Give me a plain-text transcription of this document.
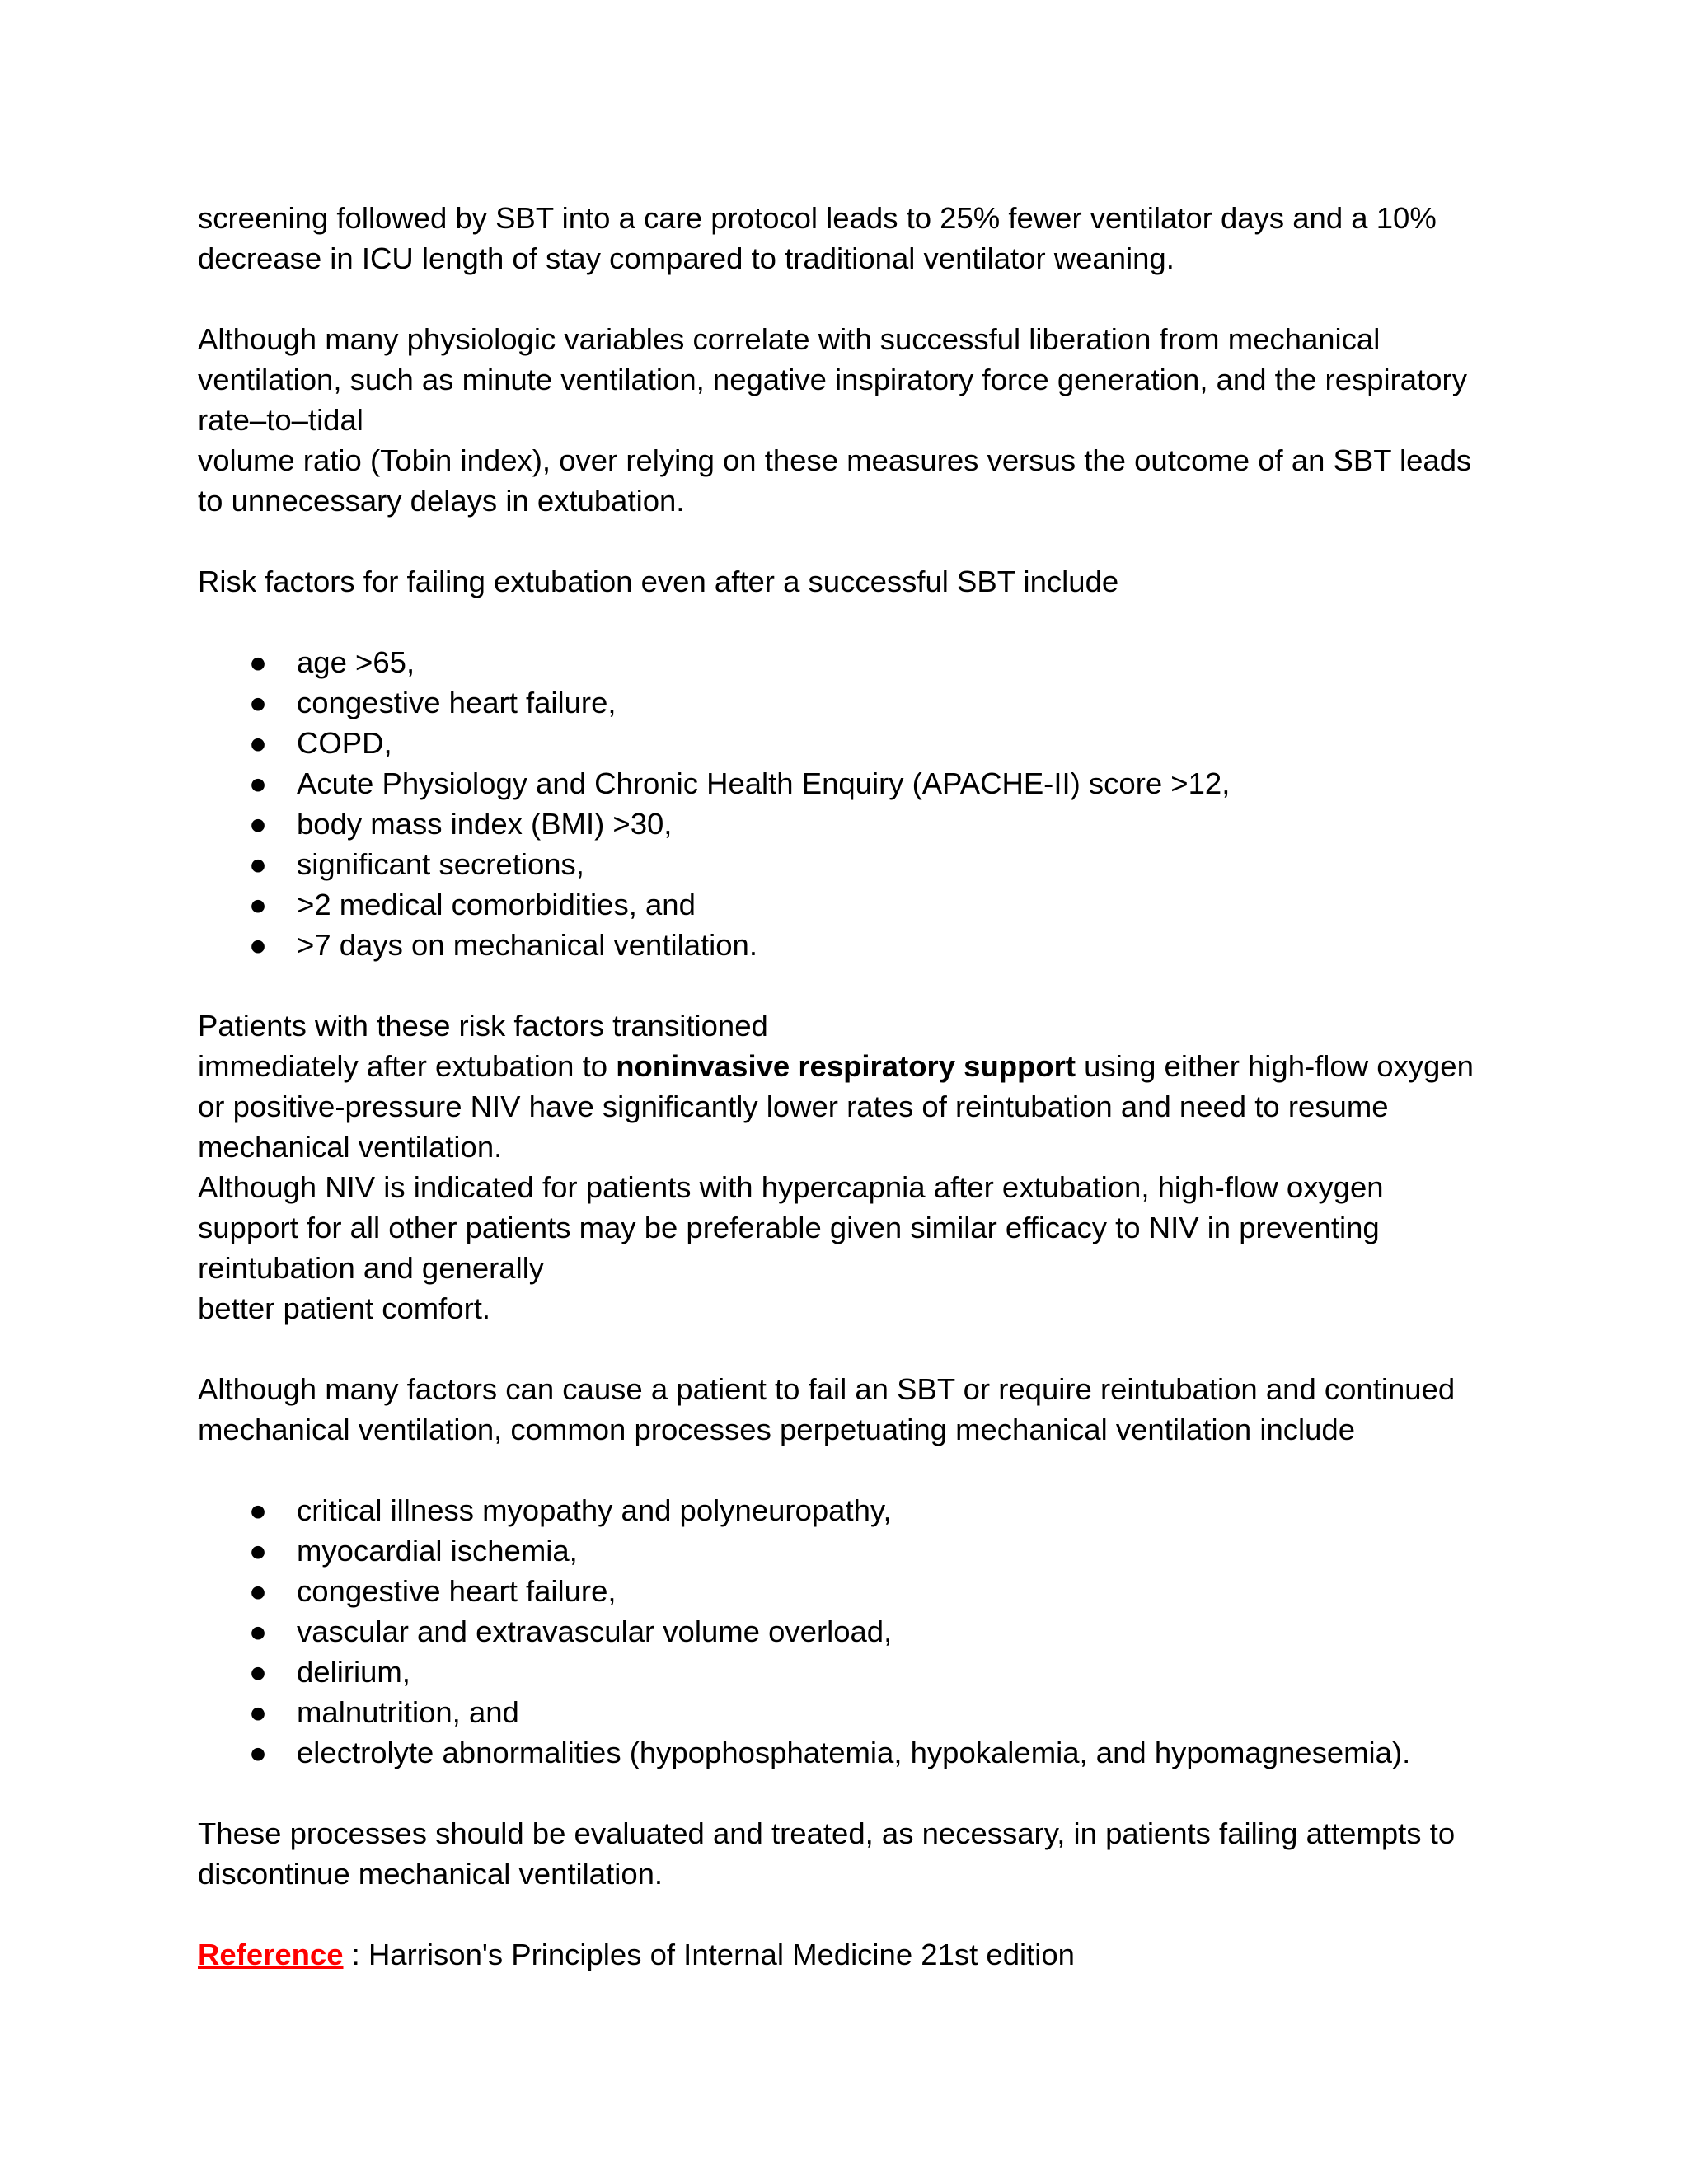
screening followed by SBT into a care protocol leads to 25% fewer ventilator days and a 10%
decrease in ICU length of stay compared to traditional ventilator weaning.

Although many physiologic variables correlate with successful liberation from mechanical
ventilation, such as minute ventilation, negative inspiratory force generation, and the respiratory
rate–to–tidal
volume ratio (Tobin index), over relying on these measures versus the outcome of an SBT leads
to unnecessary delays in extubation.

Risk factors for failing extubation even after a successful SBT include

● age >65,
● congestive heart failure,
● COPD,
● Acute Physiology and Chronic Health Enquiry (APACHE-II) score >12,
● body mass index (BMI) >30,
● significant secretions,
● >2 medical comorbidities, and
● >7 days on mechanical ventilation.

Patients with these risk factors transitioned
immediately after extubation to noninvasive respiratory support using either high-flow oxygen
or positive-pressure NIV have significantly lower rates of reintubation and need to resume
mechanical ventilation.

Although NIV is indicated for patients with hypercapnia after extubation, high-flow oxygen
support for all other patients may be preferable given similar efficacy to NIV in preventing
reintubation and generally
better patient comfort.

Although many factors can cause a patient to fail an SBT or require reintubation and continued
mechanical ventilation, common processes perpetuating mechanical ventilation include

● critical illness myopathy and polyneuropathy,
● myocardial ischemia,
● congestive heart failure,
● vascular and extravascular volume overload,
● delirium,
● malnutrition, and
● electrolyte abnormalities (hypophosphatemia, hypokalemia, and hypomagnesemia).

These processes should be evaluated and treated, as necessary, in patients failing attempts to
discontinue mechanical ventilation.

Reference : Harrison's Principles of Internal Medicine 21st edition
